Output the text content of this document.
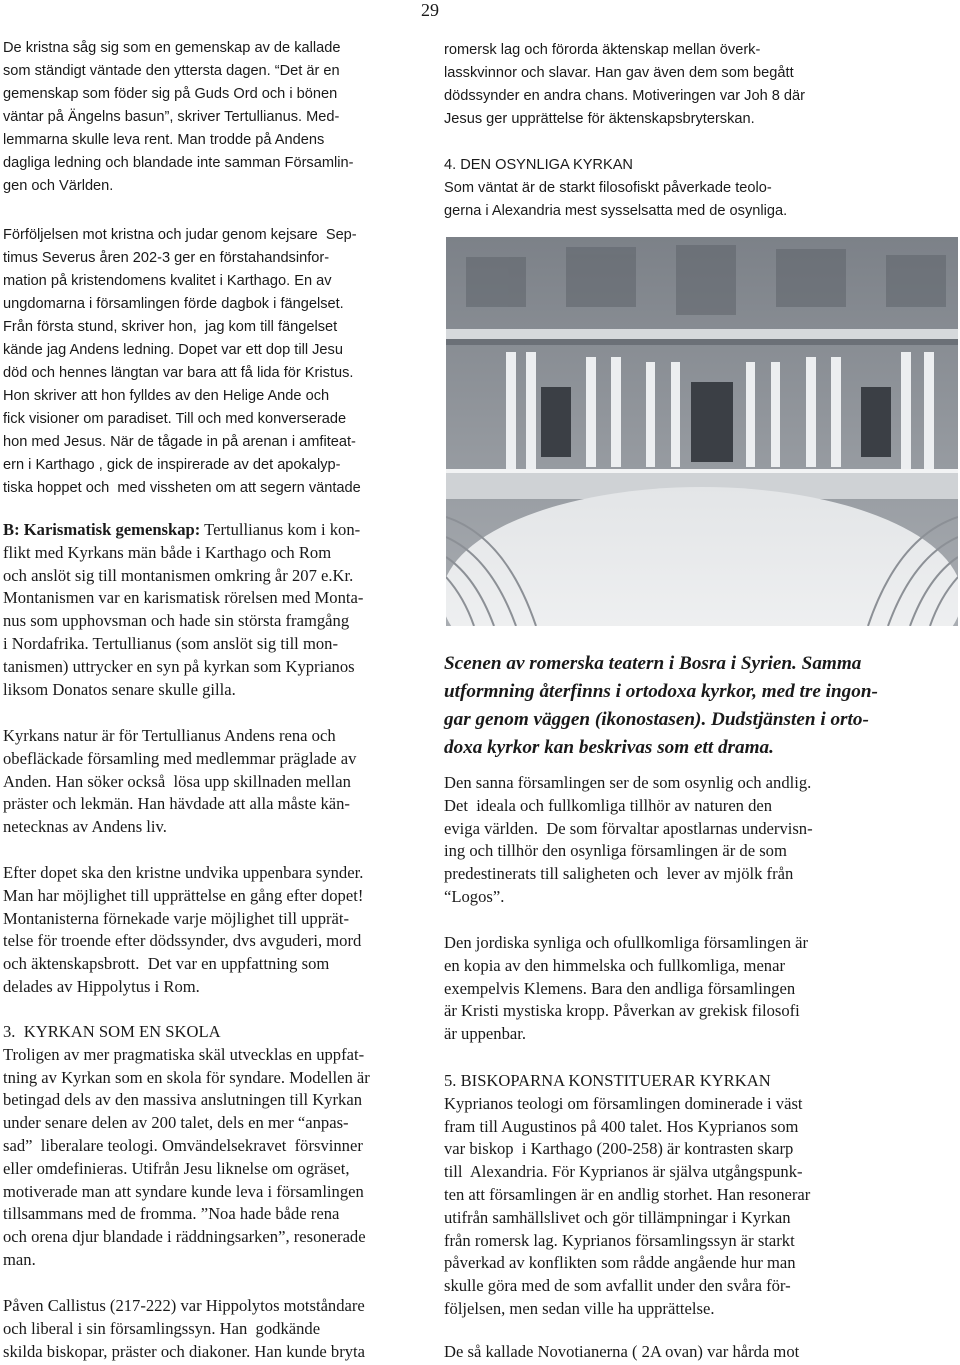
29

De kristna såg sig som en gemenskap av de kallade
som ständigt väntade den yttersta dagen. “Det är en
gemenskap som föder sig på Guds Ord och i bönen
väntar på Ängelns basun”, skriver Tertullianus. Med-
lemmarna skulle leva rent. Man trodde på Andens
dagliga ledning och blandade inte samman Församlin-
gen och Världen.

Förföljelsen mot kristna och judar genom kejsare  Sep-
timus Severus åren 202-3 ger en förstahandsinfor-
mation på kristendomens kvalitet i Karthago. En av
ungdomarna i församlingen förde dagbok i fängelset.
Från första stund, skriver hon,  jag kom till fängelset
kände jag Andens ledning. Dopet var ett dop till Jesu
död och hennes längtan var bara att få lida för Kristus.
Hon skriver att hon fylldes av den Helige Ande och
fick visioner om paradiset. Till och med konverserade
hon med Jesus. När de tågade in på arenan i amfiteat-
ern i Karthago , gick de inspirerade av det apokalyp-
tiska hoppet och  med vissheten om att segern väntade

B: Karismatisk gemenskap: Tertullianus kom i kon-
flikt med Kyrkans män både i Karthago och Rom
och anslöt sig till montanismen omkring år 207 e.Kr.
Montanismen var en karismatisk rörelsen med Monta-
nus som upphovsman och hade sin största framgång
i Nordafrika. Tertullianus (som anslöt sig till mon-
tanismen) uttrycker en syn på kyrkan som Kyprianos
liksom Donatos senare skulle gilla.

Kyrkans natur är för Tertullianus Andens rena och
obefläckade församling med medlemmar präglade av
Anden. Han söker också  lösa upp skillnaden mellan
präster och lekmän. Han hävdade att alla måste kän-
netecknas av Andens liv.

Efter dopet ska den kristne undvika uppenbara synder.
Man har möjlighet till upprättelse en gång efter dopet!
Montanisterna förnekade varje möjlighet till upprät-
telse för troende efter dödssynder, dvs avguderi, mord
och äktenskapsbrott.  Det var en uppfattning som
delades av Hippolytus i Rom.

3.  KYRKAN SOM EN SKOLA
Troligen av mer pragmatiska skäl utvecklas en uppfat-
tning av Kyrkan som en skola för syndare. Modellen är
betingad dels av den massiva anslutningen till Kyrkan
under senare delen av 200 talet, dels en mer “anpas-
sad”  liberalare teologi. Omvändelsekravet  försvinner
eller omdefinieras. Utifrån Jesu liknelse om ogräset,
motiverade man att syndare kunde leva i församlingen
tillsammans med de fromma. ”Noa hade både rena
och orena djur blandade i räddningsarken”, resonerade
man.

Påven Callistus (217-222) var Hippolytos motståndare
och liberal i sin församlingssyn. Han  godkände
skilda biskopar, präster och diakoner. Han kunde bryta

romersk lag och förorda äktenskap mellan överk-
lasskvinnor och slavar. Han gav även dem som begått
dödssynder en andra chans. Motiveringen var Joh 8 där
Jesus ger upprättelse för äktenskapsbryterskan.

4. DEN OSYNLIGA KYRKAN
Som väntat är de starkt filosofiskt påverkade teolo-
gerna i Alexandria mest sysselsatta med de osynliga.

Scenen av romerska teatern i Bosra i Syrien. Samma
utformning återfinns i ortodoxa kyrkor, med tre ingon-
gar genom väggen (ikonostasen). Dudstjänsten i orto-
doxa kyrkor kan beskrivas som ett drama.

Den sanna församlingen ser de som osynlig och andlig.
Det  ideala och fullkomliga tillhör av naturen den
eviga världen.  De som förvaltar apostlarnas undervisn-
ing och tillhör den osynliga församlingen är de som
predestinerats till saligheten och  lever av mjölk från
“Logos”.

Den jordiska synliga och ofullkomliga församlingen är
en kopia av den himmelska och fullkomliga, menar
exempelvis Klemens. Bara den andliga församlingen
är Kristi mystiska kropp. Påverkan av grekisk filosofi
är uppenbar.

5. BISKOPARNA KONSTITUERAR KYRKAN
Kyprianos teologi om församlingen dominerade i väst
fram till Augustinos på 400 talet. Hos Kyprianos som
var biskop  i Karthago (200-258) är kontrasten skarp
till  Alexandria. För Kyprianos är själva utgångspunk-
ten att församlingen är en andlig storhet. Han resonerar
utifrån samhällslivet och gör tillämpningar i Kyrkan
från romersk lag. Kyprianos församlingssyn är starkt
påverkad av konflikten som rådde angående hur man
skulle göra med de som avfallit under den svåra för-
följelsen, men sedan ville ha upprättelse.

De så kallade Novotianerna ( 2A ovan) var hårda mot
